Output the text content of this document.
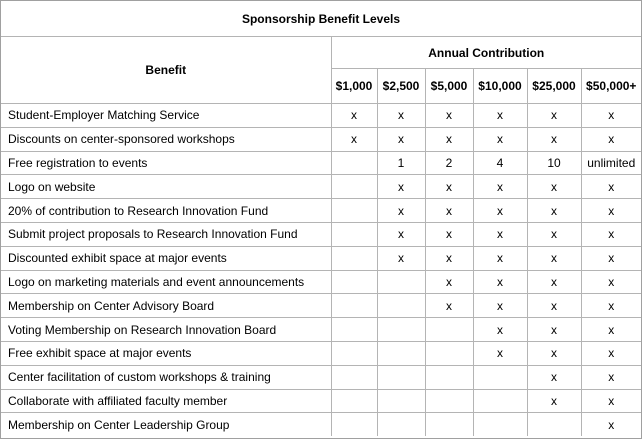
Sponsorship Benefit Levels						
Benefit	Annual Contribution					
	$1,000	$2,500	$5,000	$10,000	$25,000	$50,000+
Student-Employer Matching Service	x	x	x	x	x	x
Discounts on center-sponsored workshops	x	x	x	x	x	x
Free registration to events		1	2	4	10	unlimited
Logo on website		x	x	x	x	x
20% of contribution to Research Innovation Fund		x	x	x	x	x
Submit project proposals to Research Innovation Fund		x	x	x	x	x
Discounted exhibit space at major events		x	x	x	x	x
Logo on marketing materials and event announcements			x	x	x	x
Membership on Center Advisory Board			x	x	x	x
Voting Membership on Research Innovation Board				x	x	x
Free exhibit space at major events				x	x	x
Center facilitation of custom workshops & training					x	x
Collaborate with affiliated faculty member					x	x
Membership on Center Leadership Group						x
